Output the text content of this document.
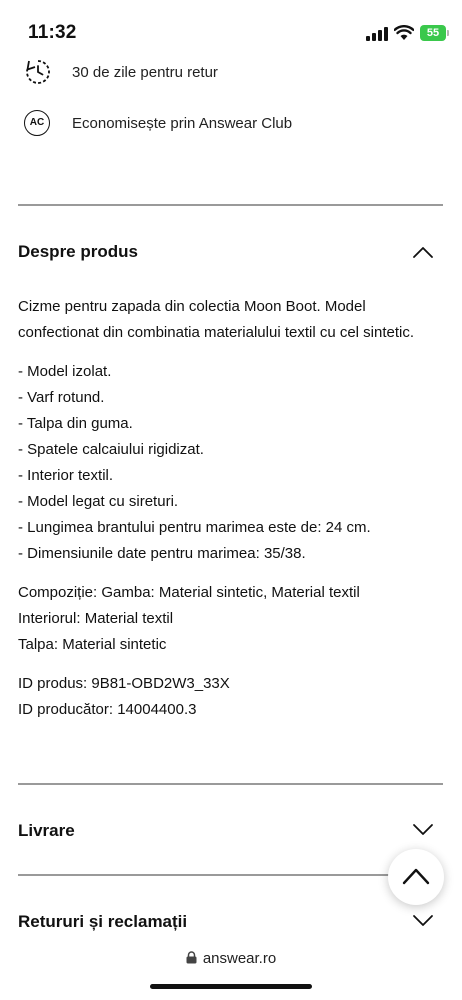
11:32	55
30 de zile pentru retur
AC	Economisește prin Answear Club
Despre produs

Cizme pentru zapada din colectia Moon Boot. Model confectionat din combinatia materialului textil cu cel sintetic.

- Model izolat.

- Varf rotund.

- Talpa din guma.

- Spatele calcaiului rigidizat.

- Interior textil.

- Model legat cu sireturi.

- Lungimea brantului pentru marimea este de: 24 cm.

- Dimensiunile date pentru marimea: 35/38.

Compoziție: Gamba: Material sintetic, Material textil

Interiorul: Material textil

Talpa: Material sintetic

ID produs: 9B81-OBD2W3_33X

ID producător: 14004400.3

Livrare
Retururi și reclamații
answear.ro
